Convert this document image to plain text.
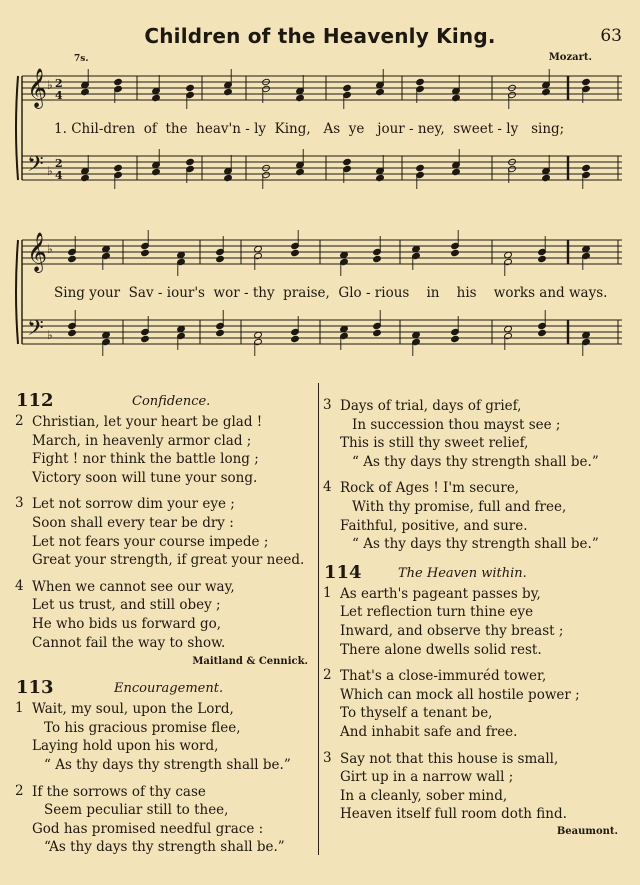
Children of the Heavenly King.	63
7s.	Mozart.
𝄞 ♭ 2
4
𝄢 ♭
2
4
𝄞 ♭
𝄢 ♭
1. Chil-dren  of  the  heav'n - ly  King,   As  ye   jour - ney,  sweet - ly   sing;
Sing your  Sav - iour's  wor - thy  praise,  Glo - rious    in    his    works and ways.
112	Confidence.
2 Christian, let your heart be glad !
March, in heavenly armor clad ;
Fight ! nor think the battle long ;
Victory soon will tune your song.
3 Let not sorrow dim your eye ;
Soon shall every tear be dry :
Let not fears your course impede ;
Great your strength, if great your need.
4 When we cannot see our way,
Let us trust, and still obey ;
He who bids us forward go,
Cannot fail the way to show.
Maitland & Cennick.
113	Encouragement.
1 Wait, my soul, upon the Lord,
To his gracious promise flee,
Laying hold upon his word,
“ As thy days thy strength shall be.”
2 If the sorrows of thy case
Seem peculiar still to thee,
God has promised needful grace :
“As thy days thy strength shall be.”
3 Days of trial, days of grief,
In succession thou mayst see ;
This is still thy sweet relief,
“ As thy days thy strength shall be.”
4 Rock of Ages ! I'm secure,
With thy promise, full and free,
Faithful, positive, and sure.
“ As thy days thy strength shall be.”
114	The Heaven within.
1 As earth's pageant passes by,
Let reflection turn thine eye
Inward, and observe thy breast ;
There alone dwells solid rest.
2 That's a close-immuréd tower,
Which can mock all hostile power ;
To thyself a tenant be,
And inhabit safe and free.
3 Say not that this house is small,
Girt up in a narrow wall ;
In a cleanly, sober mind,
Heaven itself full room doth find.
Beaumont.
